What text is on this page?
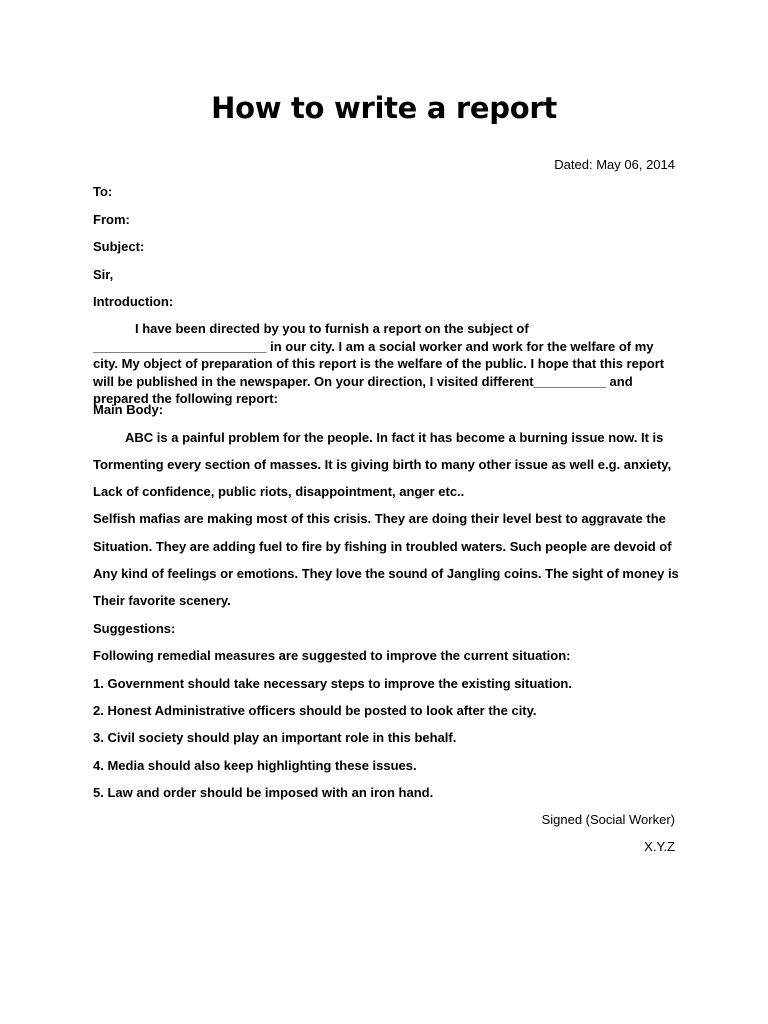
How to write a report
Dated: May 06, 2014
To:
From:
Subject:
Sir,
Introduction:
I have been directed by you to furnish a report on the subject of ________________________ in our city. I am a social worker and work for the welfare of my city. My object of preparation of this report is the welfare of the public. I hope that this report will be published in the newspaper. On your direction, I visited different__________ and prepared the following report:
Main Body:
ABC is a painful problem for the people. In fact it has become a burning issue now. It is
Tormenting every section of masses. It is giving birth to many other issue as well e.g. anxiety,
Lack of confidence, public riots, disappointment, anger etc..
Selfish mafias are making most of this crisis. They are doing their level best to aggravate the
Situation. They are adding fuel to fire by fishing in troubled waters. Such people are devoid of
Any kind of feelings or emotions. They love the sound of Jangling coins. The sight of money is
Their favorite scenery.
Suggestions:
Following remedial measures are suggested to improve the current situation:
1. Government should take necessary steps to improve the existing situation.
2. Honest Administrative officers should be posted to look after the city.
3. Civil society should play an important role in this behalf.
4. Media should also keep highlighting these issues.
5. Law and order should be imposed with an iron hand.
Signed (Social Worker)
X.Y.Z
